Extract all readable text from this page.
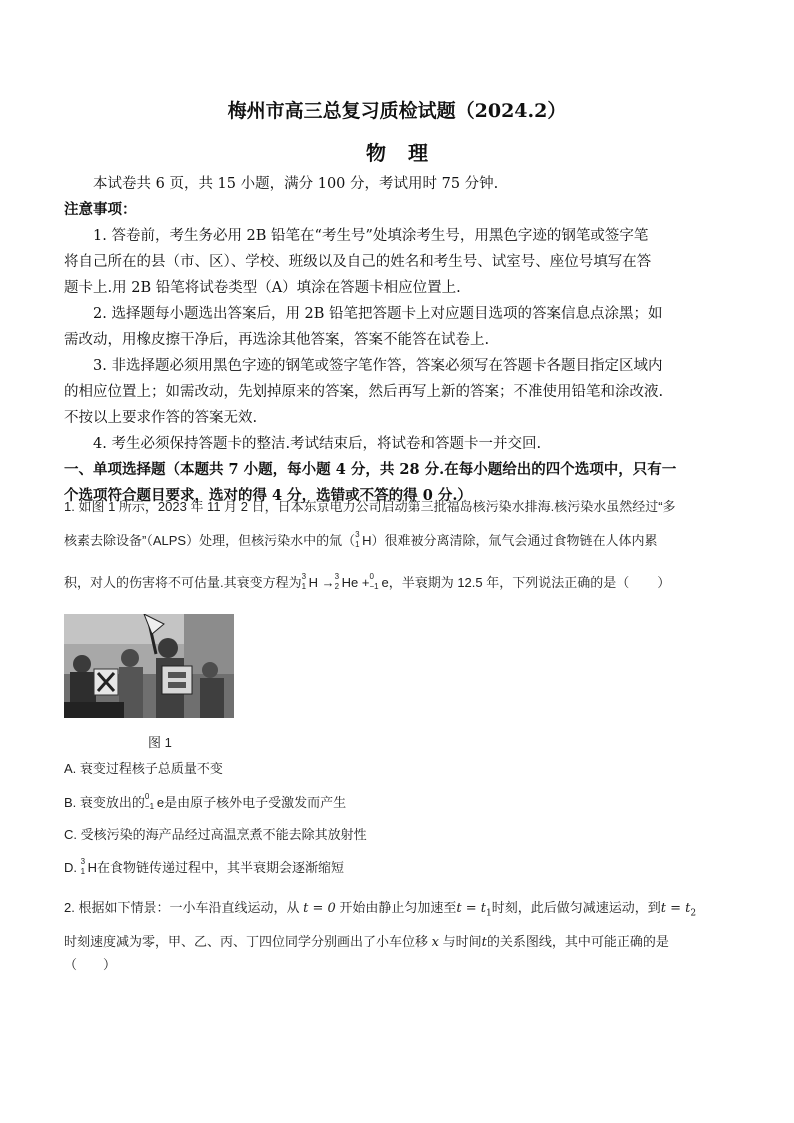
梅州市高三总复习质检试题（2024.2）
物理
本试卷共 6 页，共 15 小题，满分 100 分，考试用时 75 分钟.
注意事项：
1. 答卷前，考生务必用 2B 铅笔在“考生号”处填涂考生号，用黑色字迹的钢笔或签字笔
将自己所在的县（市、区）、学校、班级以及自己的姓名和考生号、试室号、座位号填写在答
题卡上.用 2B 铅笔将试卷类型（A）填涂在答题卡相应位置上.
2. 选择题每小题选出答案后，用 2B 铅笔把答题卡上对应题目选项的答案信息点涂黑；如
需改动，用橡皮擦干净后，再选涂其他答案，答案不能答在试卷上.
3. 非选择题必须用黑色字迹的钢笔或签字笔作答，答案必须写在答题卡各题目指定区域内
的相应位置上；如需改动，先划掉原来的答案，然后再写上新的答案；不准使用铅笔和涂改液.
不按以上要求作答的答案无效.
4. 考生必须保持答题卡的整洁.考试结束后，将试卷和答题卡一并交回.
一、单项选择题（本题共 7 小题，每小题 4 分，共 28 分.在每小题给出的四个选项中，只有一
个选项符合题目要求，选对的得 4 分，选错或不答的得 0 分.）
1. 如图 1 所示，2023 年 11 月 2 日，日本东京电力公司启动第三批福岛核污染水排海.核污染水虽然经过“多
核素去除设备”（ALPS）处理，但核污染水中的氚（ 3
1 H）很难被分离清除，氚气会通过食物链在人体内累
积，对人的伤害将不可估量.其衰变方程为 3
1 H → 3
2 He + 0
−1 e，半衰期为 12.5 年，下列说法正确的是（ ）
图 1
A. 衰变过程核子总质量不变
B. 衰变放出的 0
−1 e是由原子核外电子受激发而产生
C. 受核污染的海产品经过高温烹煮不能去除其放射性
D. 3
1 H在食物链传递过程中，其半衰期会逐渐缩短
2. 根据如下情景：一小车沿直线运动，从 t = 0 开始由静止匀加速至$t = t_1$时刻，此后做匀减速运动，到$t = t_2$
时刻速度减为零，甲、乙、丙、丁四位同学分别画出了小车位移 x 与时间t的关系图线，其中可能正确的是
（　　）
